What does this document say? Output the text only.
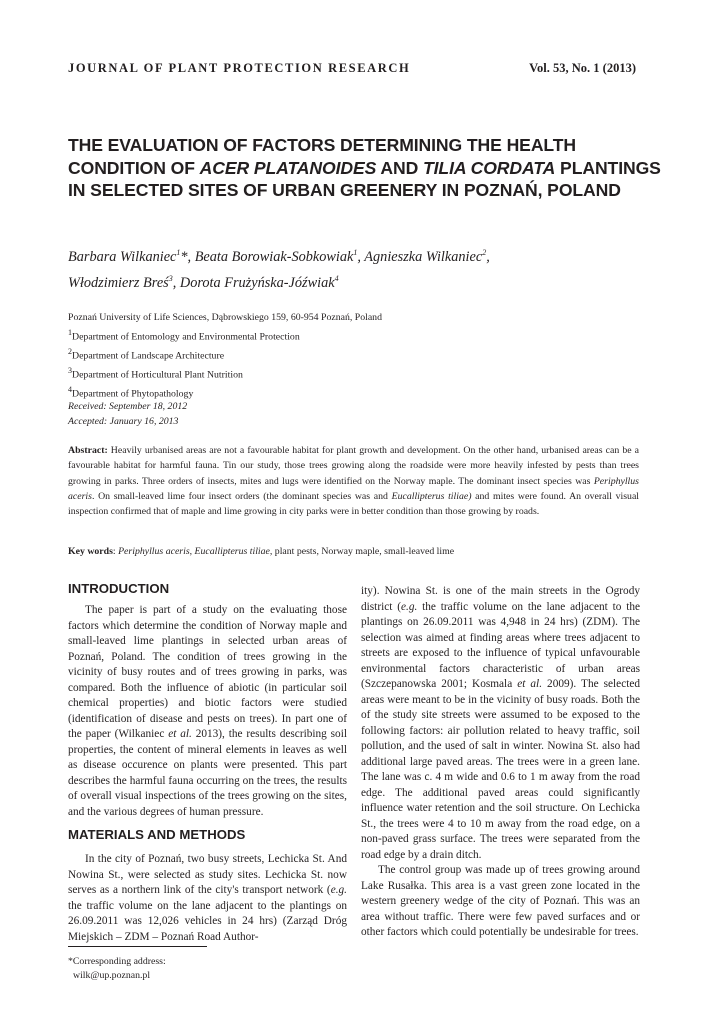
JOURNAL OF PLANT PROTECTION RESEARCH	Vol. 53, No. 1 (2013)
THE EVALUATION OF FACTORS DETERMINING THE HEALTH CONDITION OF ACER PLATANOIDES AND TILIA CORDATA PLANTINGS IN SELECTED SITES OF URBAN GREENERY IN POZNAŃ, POLAND
Barbara Wilkaniec$^1$*, Beata Borowiak-Sobkowiak$^1$, Agnieszka Wilkaniec$^2$,
Włodzimierz Breś$^3$, Dorota Frużyńska-Jóźwiak$^4$
Poznań University of Life Sciences, Dąbrowskiego 159, 60-954 Poznań, Poland
$^1$Department of Entomology and Environmental Protection
$^2$Department of Landscape Architecture
$^3$Department of Horticultural Plant Nutrition
$^4$Department of Phytopathology
Received: September 18, 2012
Accepted: January 16, 2013
Abstract: Heavily urbanised areas are not a favourable habitat for plant growth and development. On the other hand, urbanised areas can be a favourable habitat for harmful fauna. Tin our study, those trees growing along the roadside were more heavily infested by pests than trees growing in parks. Three orders of insects, mites and lugs were identified on the Norway maple. The dominant insect species was Periphyllus aceris. On small-leaved lime four insect orders (the dominant species was and Eucallipterus tiliae) and mites were found. An overall visual inspection confirmed that of maple and lime growing in city parks were in better condition than those growing by roads.
Key words: Periphyllus aceris, Eucallipterus tiliae, plant pests, Norway maple, small-leaved lime
INTRODUCTION

The paper is part of a study on the evaluating those factors which determine the condition of Norway maple and small-leaved lime plantings in selected urban areas of Poznań, Poland. The condition of trees growing in the vicinity of busy routes and of trees growing in parks, was compared. Both the influence of abiotic (in particular soil chemical properties) and biotic factors were studied (identification of disease and pests on trees). In part one of the paper (Wilkaniec et al. 2013), the results describing soil properties, the content of mineral elements in leaves as well as disease occurence on plants were presented. This part describes the harmful fauna occurring on the trees, the results of overall visual inspections of the trees growing on the sites, and the various degrees of human pressure.

MATERIALS AND METHODS

In the city of Poznań, two busy streets, Lechicka St. And Nowina St., were selected as study sites. Lechicka St. now serves as a northern link of the city's transport network (e.g. the traffic volume on the lane adjacent to the plantings on 26.09.2011 was 12,026 vehicles in 24 hrs) (Zarząd Dróg Miejskich – ZDM – Poznań Road Author-

ity). Nowina St. is one of the main streets in the Ogrody district (e.g. the traffic volume on the lane adjacent to the plantings on 26.09.2011 was 4,948 in 24 hrs) (ZDM). The selection was aimed at finding areas where trees adjacent to streets are exposed to the influence of typical unfavourable environmental factors characteristic of urban areas (Szczepanowska 2001; Kosmala et al. 2009). The selected areas were meant to be in the vicinity of busy roads. Both the of the study site streets were assumed to be exposed to the following factors: air pollution related to heavy traffic, soil pollution, and the used of salt in winter. Nowina St. also had additional large paved areas. The trees were in a green lane. The lane was c. 4 m wide and 0.6 to 1 m away from the road edge. The additional paved areas could significantly influence water retention and the soil structure. On Lechicka St., the trees were 4 to 10 m away from the road edge, on a non-paved grass surface. The trees were separated from the road edge by a drain ditch.

The control group was made up of trees growing around Lake Rusałka. This area is a vast green zone located in the western greenery wedge of the city of Poznań. This was an area without traffic. There were few paved surfaces and or other factors which could potentially be undesirable for trees.

*Corresponding address:
wilk@up.poznan.pl
